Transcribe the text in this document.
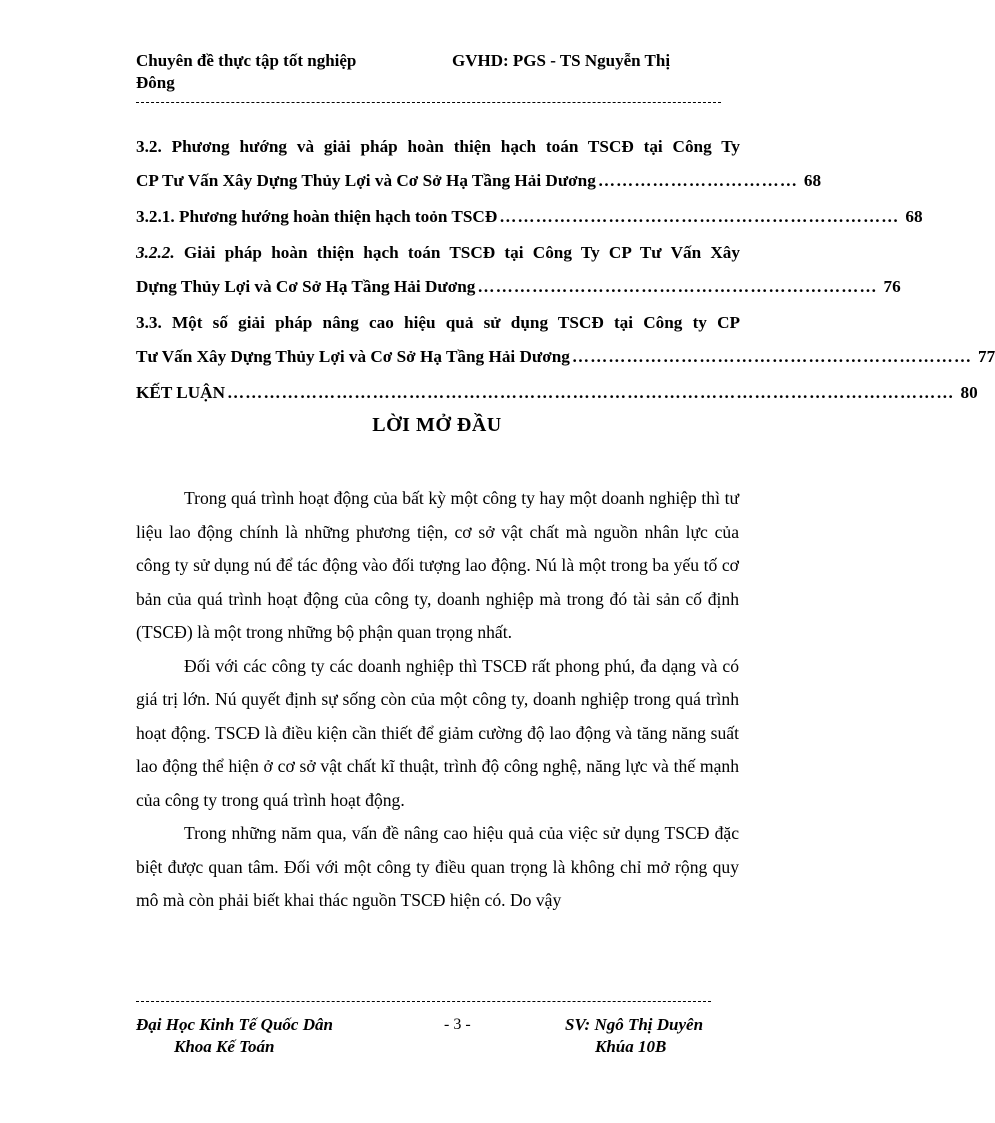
Chuyên đề thực tập tốt nghiệp
Đông
GVHD: PGS - TS Nguyễn Thị
3.2. Phương hướng và giải pháp hoàn thiện hạch toán TSCĐ tại Công Ty
CP Tư Vấn Xây Dựng Thủy Lợi và Cơ Sở Hạ Tầng Hải Dương …………………………… 68
3.2.1. Phương hướng hoàn thiện hạch toỏn TSCĐ ………………………………………………………… 68
3.2.2. Giải pháp hoàn thiện hạch toán TSCĐ tại Công Ty CP Tư Vấn Xây
Dựng Thủy Lợi và Cơ Sở Hạ Tầng Hải Dương ………………………………………………………… 76
3.3. Một số giải pháp nâng cao hiệu quả sử dụng TSCĐ tại Công ty CP
Tư Vấn Xây Dựng Thủy Lợi và Cơ Sở Hạ Tầng Hải Dương ………………………………………………………… 77
KẾT LUẬN ………………………………………………………………………………………………………… 80
LỜI MỞ ĐẦU

Trong quá trình hoạt động của bất kỳ một công ty hay một doanh nghiệp thì tư liệu lao động chính là những phương tiện, cơ sở vật chất mà nguồn nhân lực của công ty sử dụng nú để tác động vào đối tượng lao động. Nú là một trong ba yếu tố cơ bản của quá trình hoạt động của công ty, doanh nghiệp mà trong đó tài sản cố định (TSCĐ) là một trong những bộ phận quan trọng nhất.

Đối với các công ty các doanh nghiệp thì TSCĐ rất phong phú, đa dạng và có giá trị lớn. Nú quyết định sự sống còn của một công ty, doanh nghiệp trong quá trình hoạt động. TSCĐ là điều kiện cần thiết để giảm cường độ lao động và tăng năng suất lao động thể hiện ở cơ sở vật chất kĩ thuật, trình độ công nghệ, năng lực và thế mạnh của công ty trong quá trình hoạt động.

Trong những năm qua, vấn đề nâng cao hiệu quả của việc sử dụng TSCĐ đặc biệt được quan tâm. Đối với một công ty điều quan trọng là không chỉ mở rộng quy mô mà còn phải biết khai thác nguồn TSCĐ hiện có. Do vậy

Đại Học Kinh Tế Quốc Dân
Khoa Kế Toán
- 3 -	SV: Ngô Thị Duyên
Khúa 10B
